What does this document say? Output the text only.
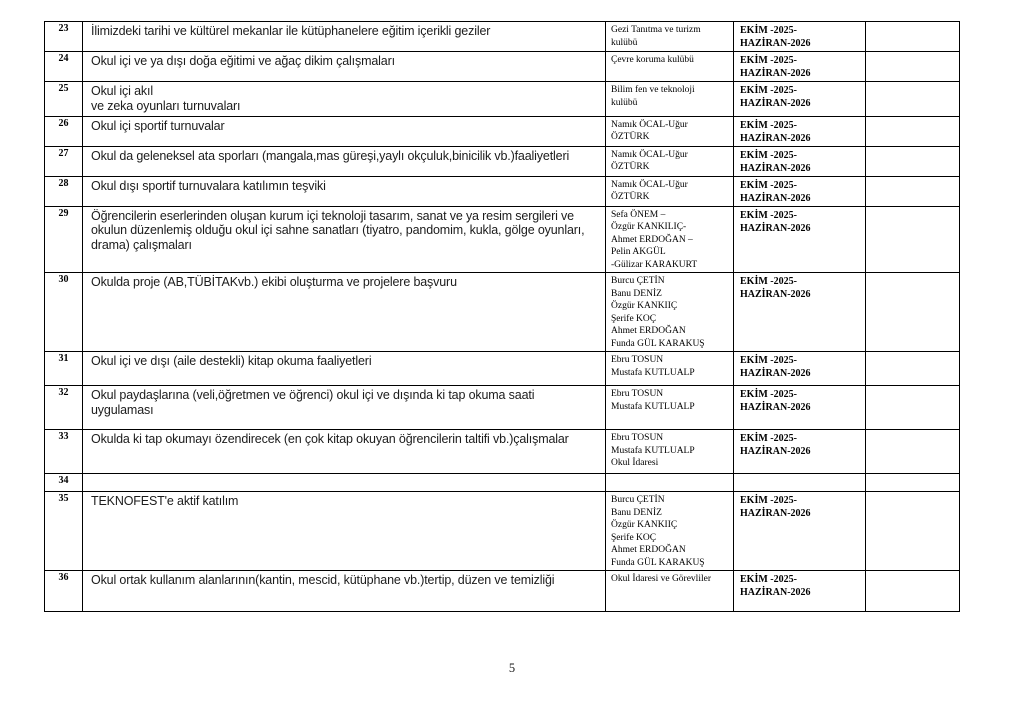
23	İlimizdeki tarihi ve kültürel mekanlar ile kütüphanelere eğitim içerikli geziler	Gezi Tanıtma ve turizm
kulübü	EKİM -2025-
HAZİRAN-2026	
24	Okul içi ve ya dışı doğa eğitimi ve ağaç dikim çalışmaları	Çevre koruma kulübü	EKİM -2025-
HAZİRAN-2026	
25	Okul içi akıl
ve zeka oyunları turnuvaları	Bilim fen ve teknoloji
kulübü	EKİM -2025-
HAZİRAN-2026	
26	Okul içi sportif turnuvalar	Namık ÖCAL-Uğur
ÖZTÜRK	EKİM -2025-
HAZİRAN-2026	
27	Okul da geleneksel ata sporları (mangala,mas güreşi,yaylı okçuluk,binicilik vb.)faaliyetleri	Namık ÖCAL-Uğur
ÖZTÜRK	EKİM -2025-
HAZİRAN-2026	
28	Okul dışı sportif turnuvalara katılımın teşviki	Namık ÖCAL-Uğur
ÖZTÜRK	EKİM -2025-
HAZİRAN-2026	
29	Öğrencilerin eserlerinden oluşan kurum içi teknoloji tasarım, sanat ve ya resim sergileri ve okulun düzenlemiş olduğu okul içi sahne sanatları (tiyatro, pandomim, kukla, gölge oyunları, drama) çalışmaları	Sefa ÖNEM –
Özgür KANKILIÇ-
Ahmet ERDOĞAN –
Pelin AKGÜL
-Gülizar KARAKURT	EKİM -2025-
HAZİRAN-2026	
30	Okulda proje (AB,TÜBİTAKvb.) ekibi oluşturma ve projelere başvuru	Burcu ÇETİN
Banu DENİZ
Özgür KANKIIÇ
Şerife KOÇ
Ahmet ERDOĞAN
Funda GÜL KARAKUŞ	EKİM -2025-
HAZİRAN-2026	
31	Okul içi ve dışı (aile destekli) kitap okuma faaliyetleri	Ebru TOSUN
Mustafa KUTLUALP	EKİM -2025-
HAZİRAN-2026	
32	Okul paydaşlarına (veli,öğretmen ve öğrenci) okul içi ve dışında ki tap okuma saati uygulaması	Ebru TOSUN
Mustafa KUTLUALP	EKİM -2025-
HAZİRAN-2026	
33	Okulda ki tap okumayı özendirecek (en çok kitap okuyan öğrencilerin taltifi vb.)çalışmalar	Ebru TOSUN
Mustafa KUTLUALP
Okul İdaresi	EKİM -2025-
HAZİRAN-2026	
34				
35	TEKNOFEST'e aktif katılım	Burcu ÇETİN
Banu DENİZ
Özgür KANKIIÇ
Şerife KOÇ
Ahmet ERDOĞAN
Funda GÜL KARAKUŞ	EKİM -2025-
HAZİRAN-2026	
36	Okul ortak kullanım alanlarının(kantin, mescid, kütüphane vb.)tertip, düzen ve temizliği	Okul İdaresi ve Görevliler	EKİM -2025-
HAZİRAN-2026	
5
